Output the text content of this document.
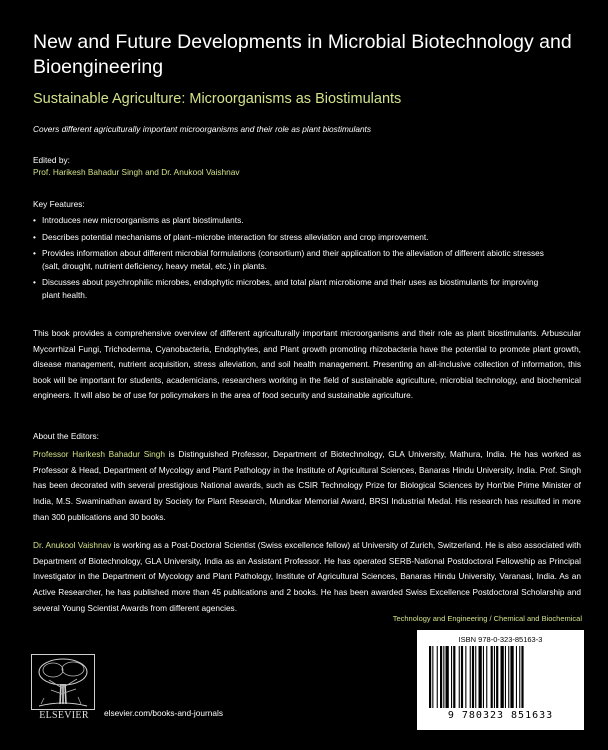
New and Future Developments in Microbial Biotechnology and Bioengineering
Sustainable Agriculture: Microorganisms as Biostimulants
Covers different agriculturally important microorganisms and their role as plant biostimulants
Edited by:
Prof. Harikesh Bahadur Singh and Dr. Anukool Vaishnav
Key Features:
• Introduces new microorganisms as plant biostimulants.
• Describes potential mechanisms of plant–microbe interaction for stress alleviation and crop improvement.
• Provides information about different microbial formulations (consortium) and their application to the alleviation of different abiotic stresses (salt, drought, nutrient deficiency, heavy metal, etc.) in plants.
• Discusses about psychrophilic microbes, endophytic microbes, and total plant microbiome and their uses as biostimulants for improving plant health.

This book provides a comprehensive overview of different agriculturally important microorganisms and their role as plant biostimulants. Arbuscular Mycorrhizal Fungi, Trichoderma, Cyanobacteria, Endophytes, and Plant growth promoting rhizobacteria have the potential to promote plant growth, disease management, nutrient acquisition, stress alleviation, and soil health management. Presenting an all-inclusive collection of information, this book will be important for students, academicians, researchers working in the field of sustainable agriculture, microbial technology, and biochemical engineers. It will also be of use for policymakers in the area of food security and sustainable agriculture.

About the Editors:

Professor Harikesh Bahadur Singh is Distinguished Professor, Department of Biotechnology, GLA University, Mathura, India. He has worked as Professor & Head, Department of Mycology and Plant Pathology in the Institute of Agricultural Sciences, Banaras Hindu University, India. Prof. Singh has been decorated with several prestigious National awards, such as CSIR Technology Prize for Biological Sciences by Hon'ble Prime Minister of India, M.S. Swaminathan award by Society for Plant Research, Mundkar Memorial Award, BRSI Industrial Medal. His research has resulted in more than 300 publications and 30 books.

Dr. Anukool Vaishnav is working as a Post-Doctoral Scientist (Swiss excellence fellow) at University of Zurich, Switzerland. He is also associated with Department of Biotechnology, GLA University, India as an Assistant Professor. He has operated SERB-National Postdoctoral Fellowship as Principal Investigator in the Department of Mycology and Plant Pathology, Institute of Agricultural Sciences, Banaras Hindu University, Varanasi, India. As an Active Researcher, he has published more than 45 publications and 2 books. He has been awarded Swiss Excellence Postdoctoral Scholarship and several Young Scientist Awards from different agencies.

Technology and Engineering / Chemical and Biochemical
ELSEVIER	elsevier.com/books-and-journals
ISBN 978-0-323-85163-3
9 780323 851633
